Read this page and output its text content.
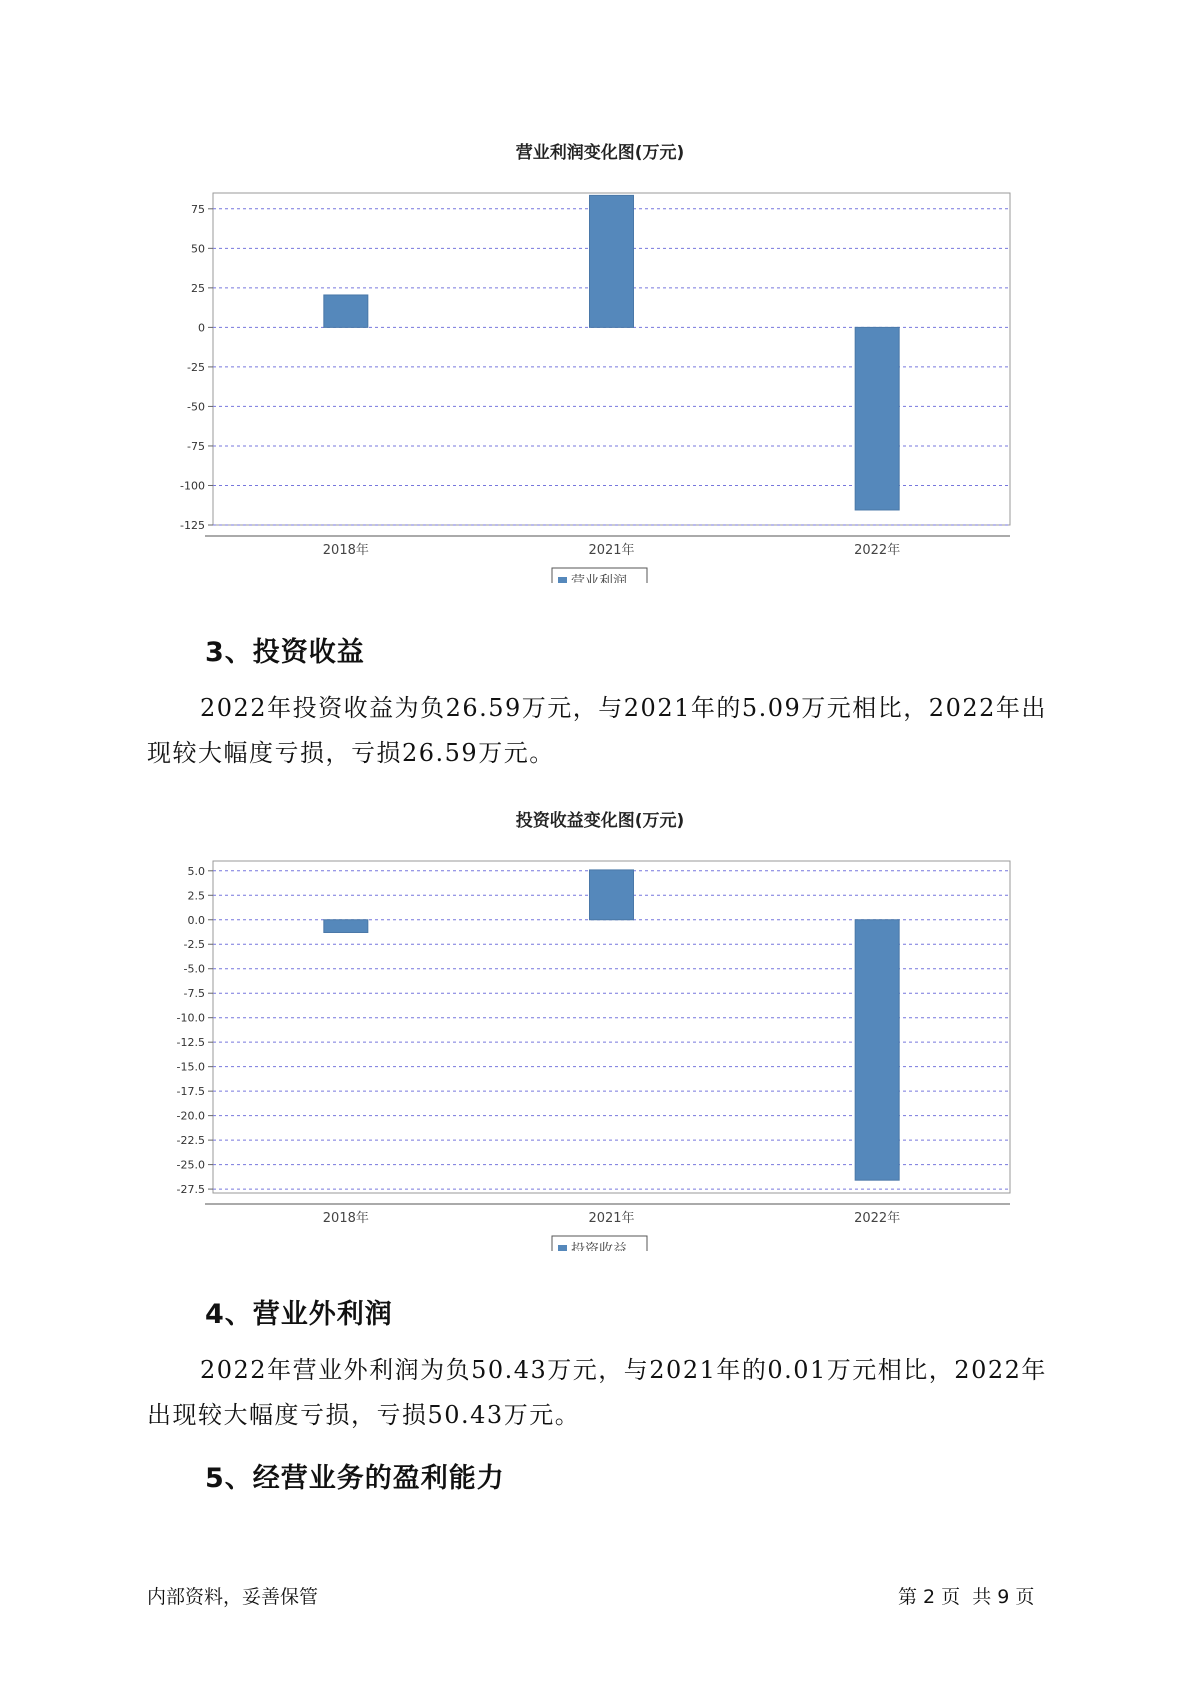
营业利润变化图(万元)
75
50
25
0
-25
-50
-75
-100
-125
2018年	2021年	2022年
营业利润
3、投资收益
2022年投资收益为负26.59万元，与2021年的5.09万元相比，2022年出现较大幅度亏损，亏损26.59万元。
投资收益变化图(万元)
5.0
2.5
0.0
-2.5
-5.0
-7.5
-10.0
-12.5
-15.0
-17.5
-20.0
-22.5
-25.0
-27.5
2018年	2021年	2022年
投资收益
4、营业外利润
2022年营业外利润为负50.43万元，与2021年的0.01万元相比，2022年出现较大幅度亏损，亏损50.43万元。
5、经营业务的盈利能力
内部资料，妥善保管	第 2 页  共 9 页
